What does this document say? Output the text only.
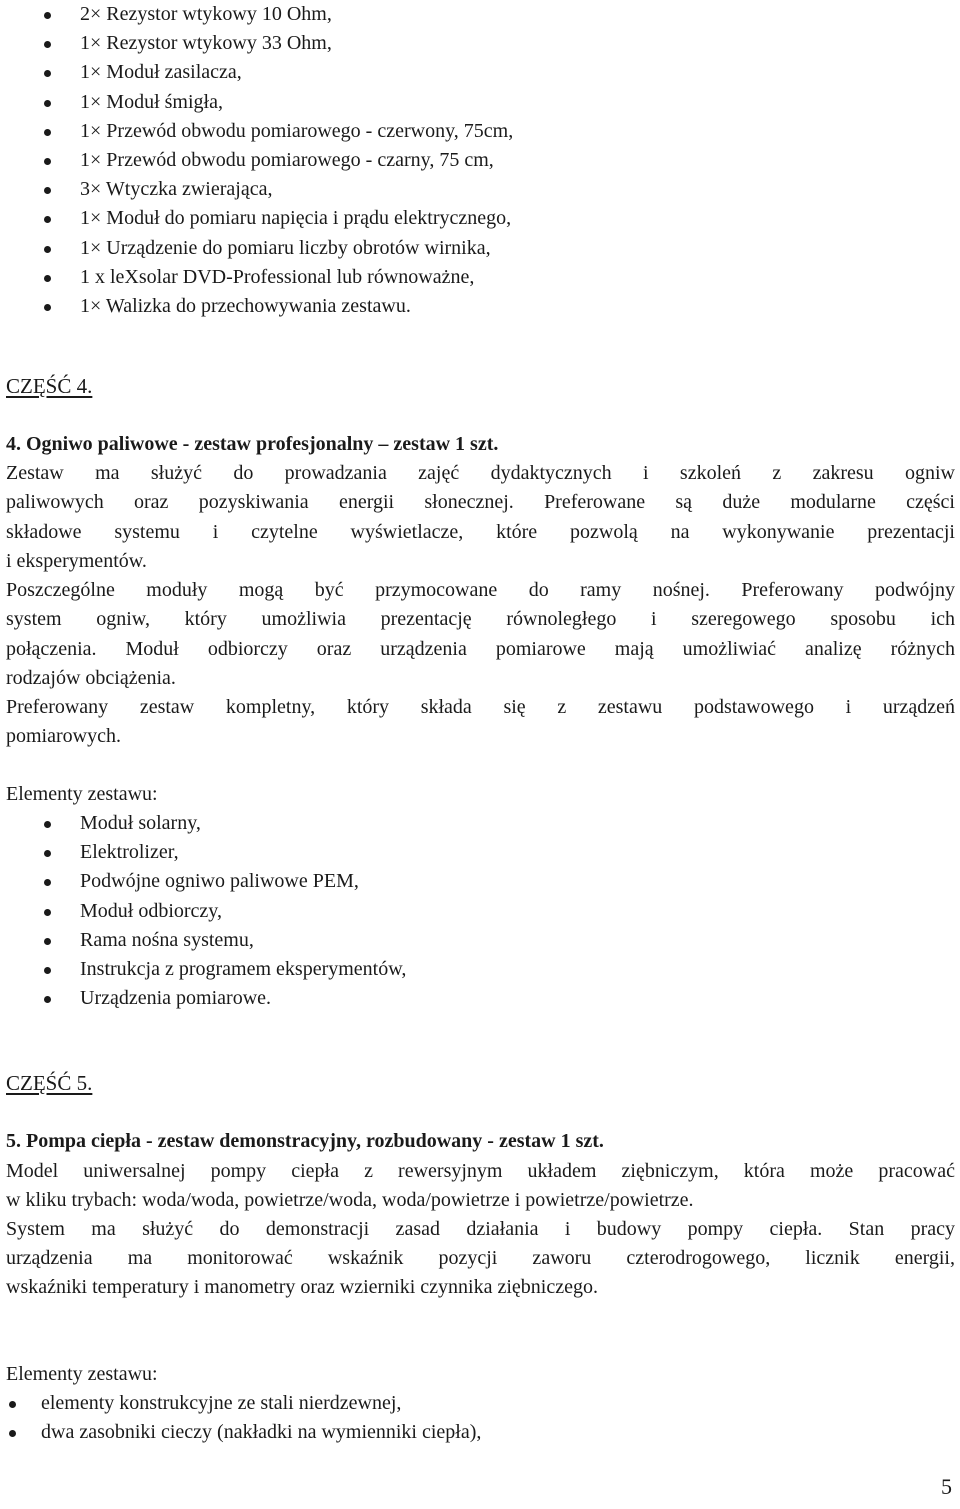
2× Rezystor wtykowy 10 Ohm,
1× Rezystor wtykowy 33 Ohm,
1× Moduł zasilacza,
1× Moduł śmigła,
1× Przewód obwodu pomiarowego - czerwony, 75cm,
1× Przewód obwodu pomiarowego - czarny, 75 cm,
3× Wtyczka zwierająca,
1× Moduł do pomiaru napięcia i prądu elektrycznego,
1× Urządzenie do pomiaru liczby obrotów wirnika,
1 x leXsolar DVD-Professional lub równoważne,
1× Walizka do przechowywania zestawu.
CZĘŚĆ 4.

4. Ogniwo paliwowe - zestaw profesjonalny – zestaw 1 szt.

Zestaw ma służyć do prowadzania zajęć dydaktycznych i szkoleń z zakresu ogniw

paliwowych oraz pozyskiwania energii słonecznej. Preferowane są duże modularne części

składowe systemu i czytelne wyświetlacze, które pozwolą na wykonywanie prezentacji

i eksperymentów.

Poszczególne moduły mogą być przymocowane do ramy nośnej. Preferowany podwójny

system ogniw, który umożliwia prezentację równoległego i szeregowego sposobu ich

połączenia. Moduł odbiorczy oraz urządzenia pomiarowe mają umożliwiać analizę różnych

rodzajów obciążenia.

Preferowany zestaw kompletny, który składa się z zestawu podstawowego i urządzeń

pomiarowych.

Elementy zestawu:

Moduł solarny,
Elektrolizer,
Podwójne ogniwo paliwowe PEM,
Moduł odbiorczy,
Rama nośna systemu,
Instrukcja z programem eksperymentów,
Urządzenia pomiarowe.
CZĘŚĆ 5.

5. Pompa ciepła - zestaw demonstracyjny, rozbudowany - zestaw 1 szt.

Model uniwersalnej pompy ciepła z rewersyjnym układem ziębniczym, która może pracować

w kliku trybach: woda/woda, powietrze/woda, woda/powietrze i powietrze/powietrze.

System ma służyć do demonstracji zasad działania i budowy pompy ciepła. Stan pracy

urządzenia ma monitorować wskaźnik pozycji zaworu czterodrogowego, licznik energii,

wskaźniki temperatury i manometry oraz wzierniki czynnika ziębniczego.

Elementy zestawu:

elementy konstrukcyjne ze stali nierdzewnej,
dwa zasobniki cieczy (nakładki na wymienniki ciepła),
5
